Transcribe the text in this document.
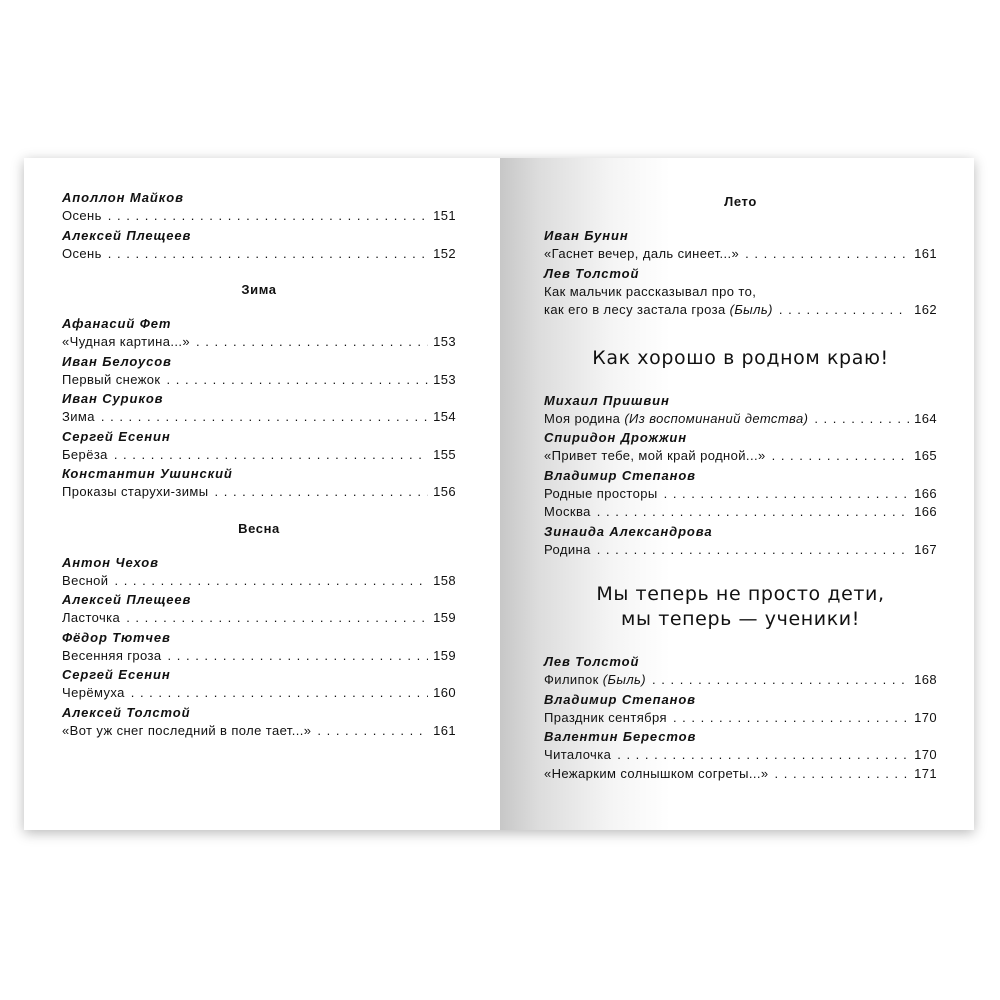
Аполлон Майков
Осень . . .	151
Алексей Плещеев
Осень . . .	152
Зима
Афанасий Фет
«Чудная картина...» . . .	153
Иван Белоусов
Первый снежок . . .	153
Иван Суриков
Зима . . .	154
Сергей Есенин
Берёза . . .	155
Константин Ушинский
Проказы старухи-зимы . . .	156
Весна
Антон Чехов
Весной . . .	158
Алексей Плещеев
Ласточка . . .	159
Фёдор Тютчев
Весенняя гроза . . .	159
Сергей Есенин
Черёмуха . . .	160
Алексей Толстой
«Вот уж снег последний в поле тает...» . . .	161
Лето
Иван Бунин
«Гаснет вечер, даль синеет...» . . .	161
Лев Толстой
Как мальчик рассказывал про то,
как его в лесу застала гроза (Быль) . . .	162
Как хорошо в родном краю!
Михаил Пришвин
Моя родина (Из воспоминаний детства) . . .	164
Спиридон Дрожжин
«Привет тебе, мой край родной...» . . .	165
Владимир Степанов
Родные просторы . . .	166
Москва . . .	166
Зинаида Александрова
Родина . . .	167
Мы теперь не просто дети,
мы теперь — ученики!
Лев Толстой
Филипок (Быль) . . .	168
Владимир Степанов
Праздник сентября . . .	170
Валентин Берестов
Читалочка . . .	170
«Нежарким солнышком согреты...» . . .	171
